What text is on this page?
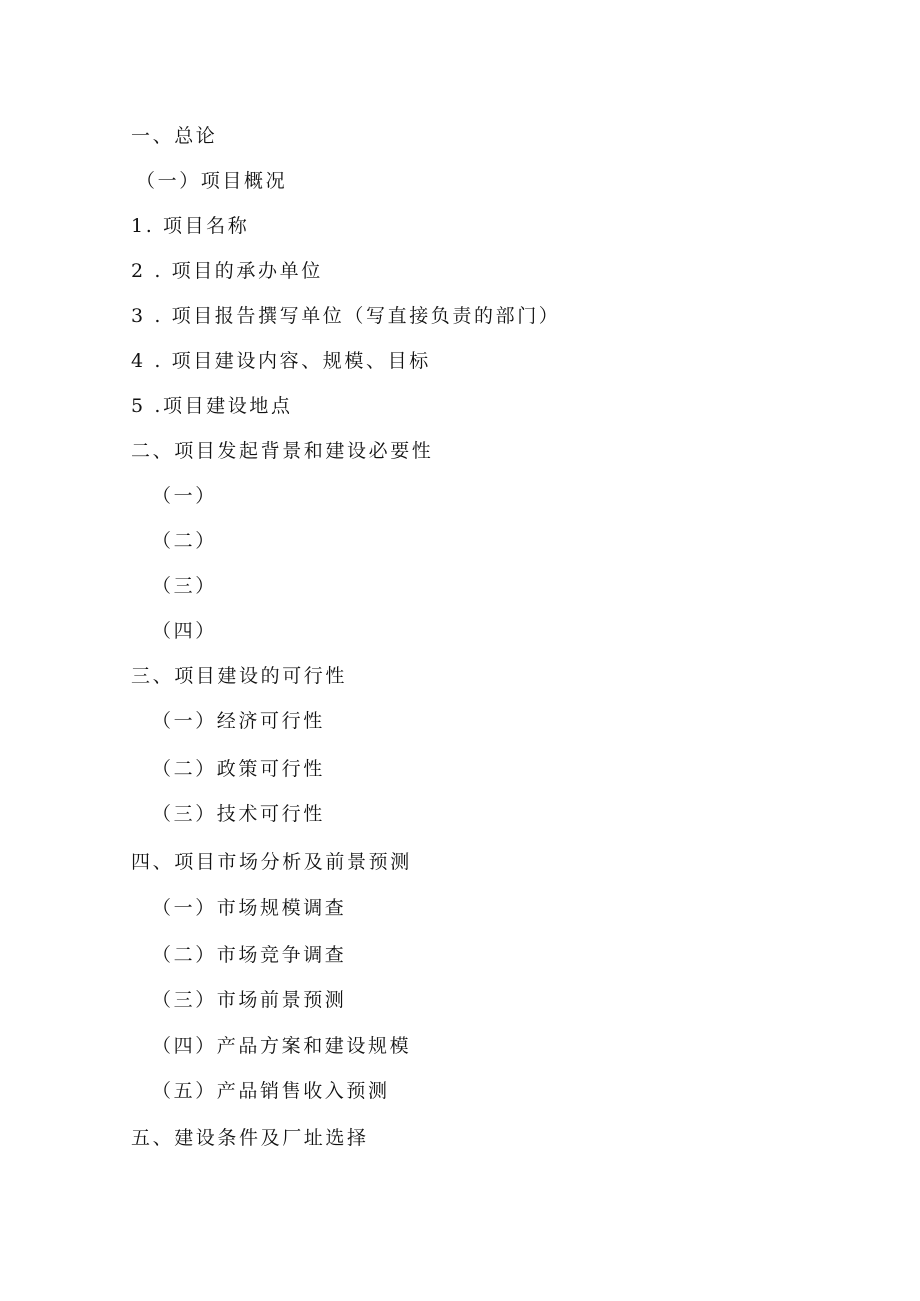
一、总论
（一）项目概况
1. 项目名称
2 . 项目的承办单位
3 . 项目报告撰写单位（写直接负责的部门）
4 . 项目建设内容、规模、目标
5 .项目建设地点
二、项目发起背景和建设必要性
（一）
（二）
（三）
（四）
三、项目建设的可行性
（一）经济可行性
（二）政策可行性
（三）技术可行性
四、项目市场分析及前景预测
（一）市场规模调查
（二）市场竞争调查
（三）市场前景预测
（四）产品方案和建设规模
（五）产品销售收入预测
五、建设条件及厂址选择
